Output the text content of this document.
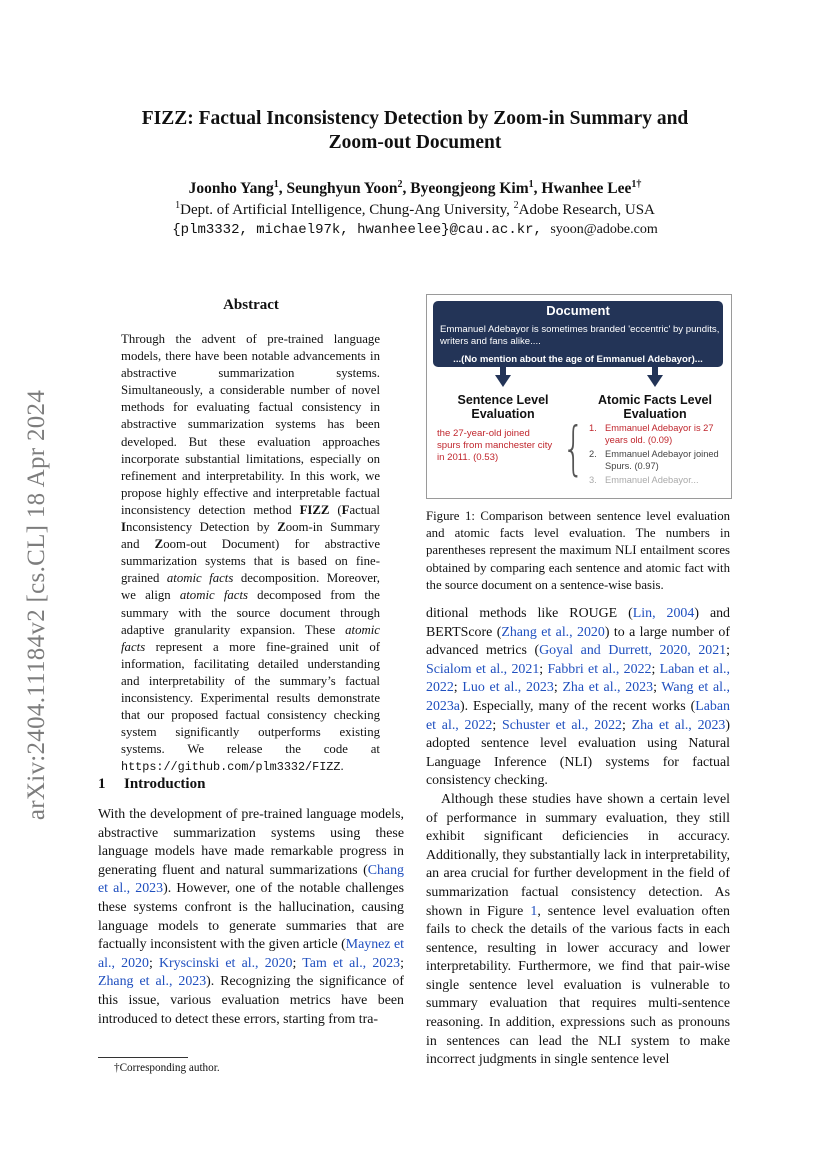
arXiv:2404.11184v2 [cs.CL] 18 Apr 2024
FIZZ: Factual Inconsistency Detection by Zoom-in Summary and
Zoom-out Document
Joonho Yang$^1$, Seunghyun Yoon$^2$, Byeongjeong Kim$^1$, Hwanhee Lee$^{1\dagger}$
$^1$Dept. of Artificial Intelligence, Chung-Ang University, $^2$Adobe Research, USA
{plm3332, michael97k, hwanheelee}@cau.ac.kr, syoon@adobe.com
Abstract
Through the advent of pre-trained language models, there have been notable advancements in abstractive summarization systems. Simultaneously, a considerable number of novel methods for evaluating factual consistency in abstractive summarization systems has been developed. But these evaluation approaches incorporate substantial limitations, especially on refinement and interpretability. In this work, we propose highly effective and interpretable factual inconsistency detection method FIZZ (Factual Inconsistency Detection by Zoom-in Summary and Zoom-out Document) for abstractive summarization systems that is based on fine-grained atomic facts decomposition. Moreover, we align atomic facts decomposed from the summary with the source document through adaptive granularity expansion. These atomic facts represent a more fine-grained unit of information, facilitating detailed understanding and interpretability of the summary’s factual inconsistency. Experimental results demonstrate that our proposed factual consistency checking system significantly outperforms existing systems. We release the code at https://github.com/plm3332/FIZZ.
1 Introduction
With the development of pre-trained language models, abstractive summarization systems using these language models have made remarkable progress in generating fluent and natural summarizations (Chang et al., 2023). However, one of the notable challenges these systems confront is the hallucination, causing language models to generate summaries that are factually inconsistent with the given article (Maynez et al., 2020; Kryscinski et al., 2020; Tam et al., 2023; Zhang et al., 2023). Recognizing the significance of this issue, various evaluation metrics have been introduced to detect these errors, starting from tra-
†Corresponding author.
Document
Emmanuel Adebayor is sometimes branded 'eccentric' by pundits, writers and fans alike....
...(No mention about the age of Emmanuel Adebayor)...
Sentence Level
Evaluation
Atomic Facts Level
Evaluation
the 27-year-old joined spurs from manchester city in 2011. (0.53)	{ 1. Emmanuel Adebayor is 27 years old. (0.09)
2. Emmanuel Adebayor joined Spurs. (0.97)
3. Emmanuel Adebayor...
Figure 1: Comparison between sentence level evaluation and atomic facts level evaluation. The numbers in parentheses represent the maximum NLI entailment scores obtained by comparing each sentence and atomic fact with the source document on a sentence-wise basis.
ditional methods like ROUGE (Lin, 2004) and BERTScore (Zhang et al., 2020) to a large number of advanced metrics (Goyal and Durrett, 2020, 2021; Scialom et al., 2021; Fabbri et al., 2022; Laban et al., 2022; Luo et al., 2023; Zha et al., 2023; Wang et al., 2023a). Especially, many of the recent works (Laban et al., 2022; Schuster et al., 2022; Zha et al., 2023) adopted sentence level evaluation using Natural Language Inference (NLI) systems for factual consistency checking.
Although these studies have shown a certain level of performance in summary evaluation, they still exhibit significant deficiencies in accuracy. Additionally, they substantially lack in interpretability, an area crucial for further development in the field of summarization factual consistency detection. As shown in Figure 1, sentence level evaluation often fails to check the details of the various facts in each sentence, resulting in lower accuracy and lower interpretability. Furthermore, we find that pair-wise single sentence level evaluation is vulnerable to summary evaluation that requires multi-sentence reasoning. In addition, expressions such as pronouns in sentences can lead the NLI system to make incorrect judgments in single sentence level
